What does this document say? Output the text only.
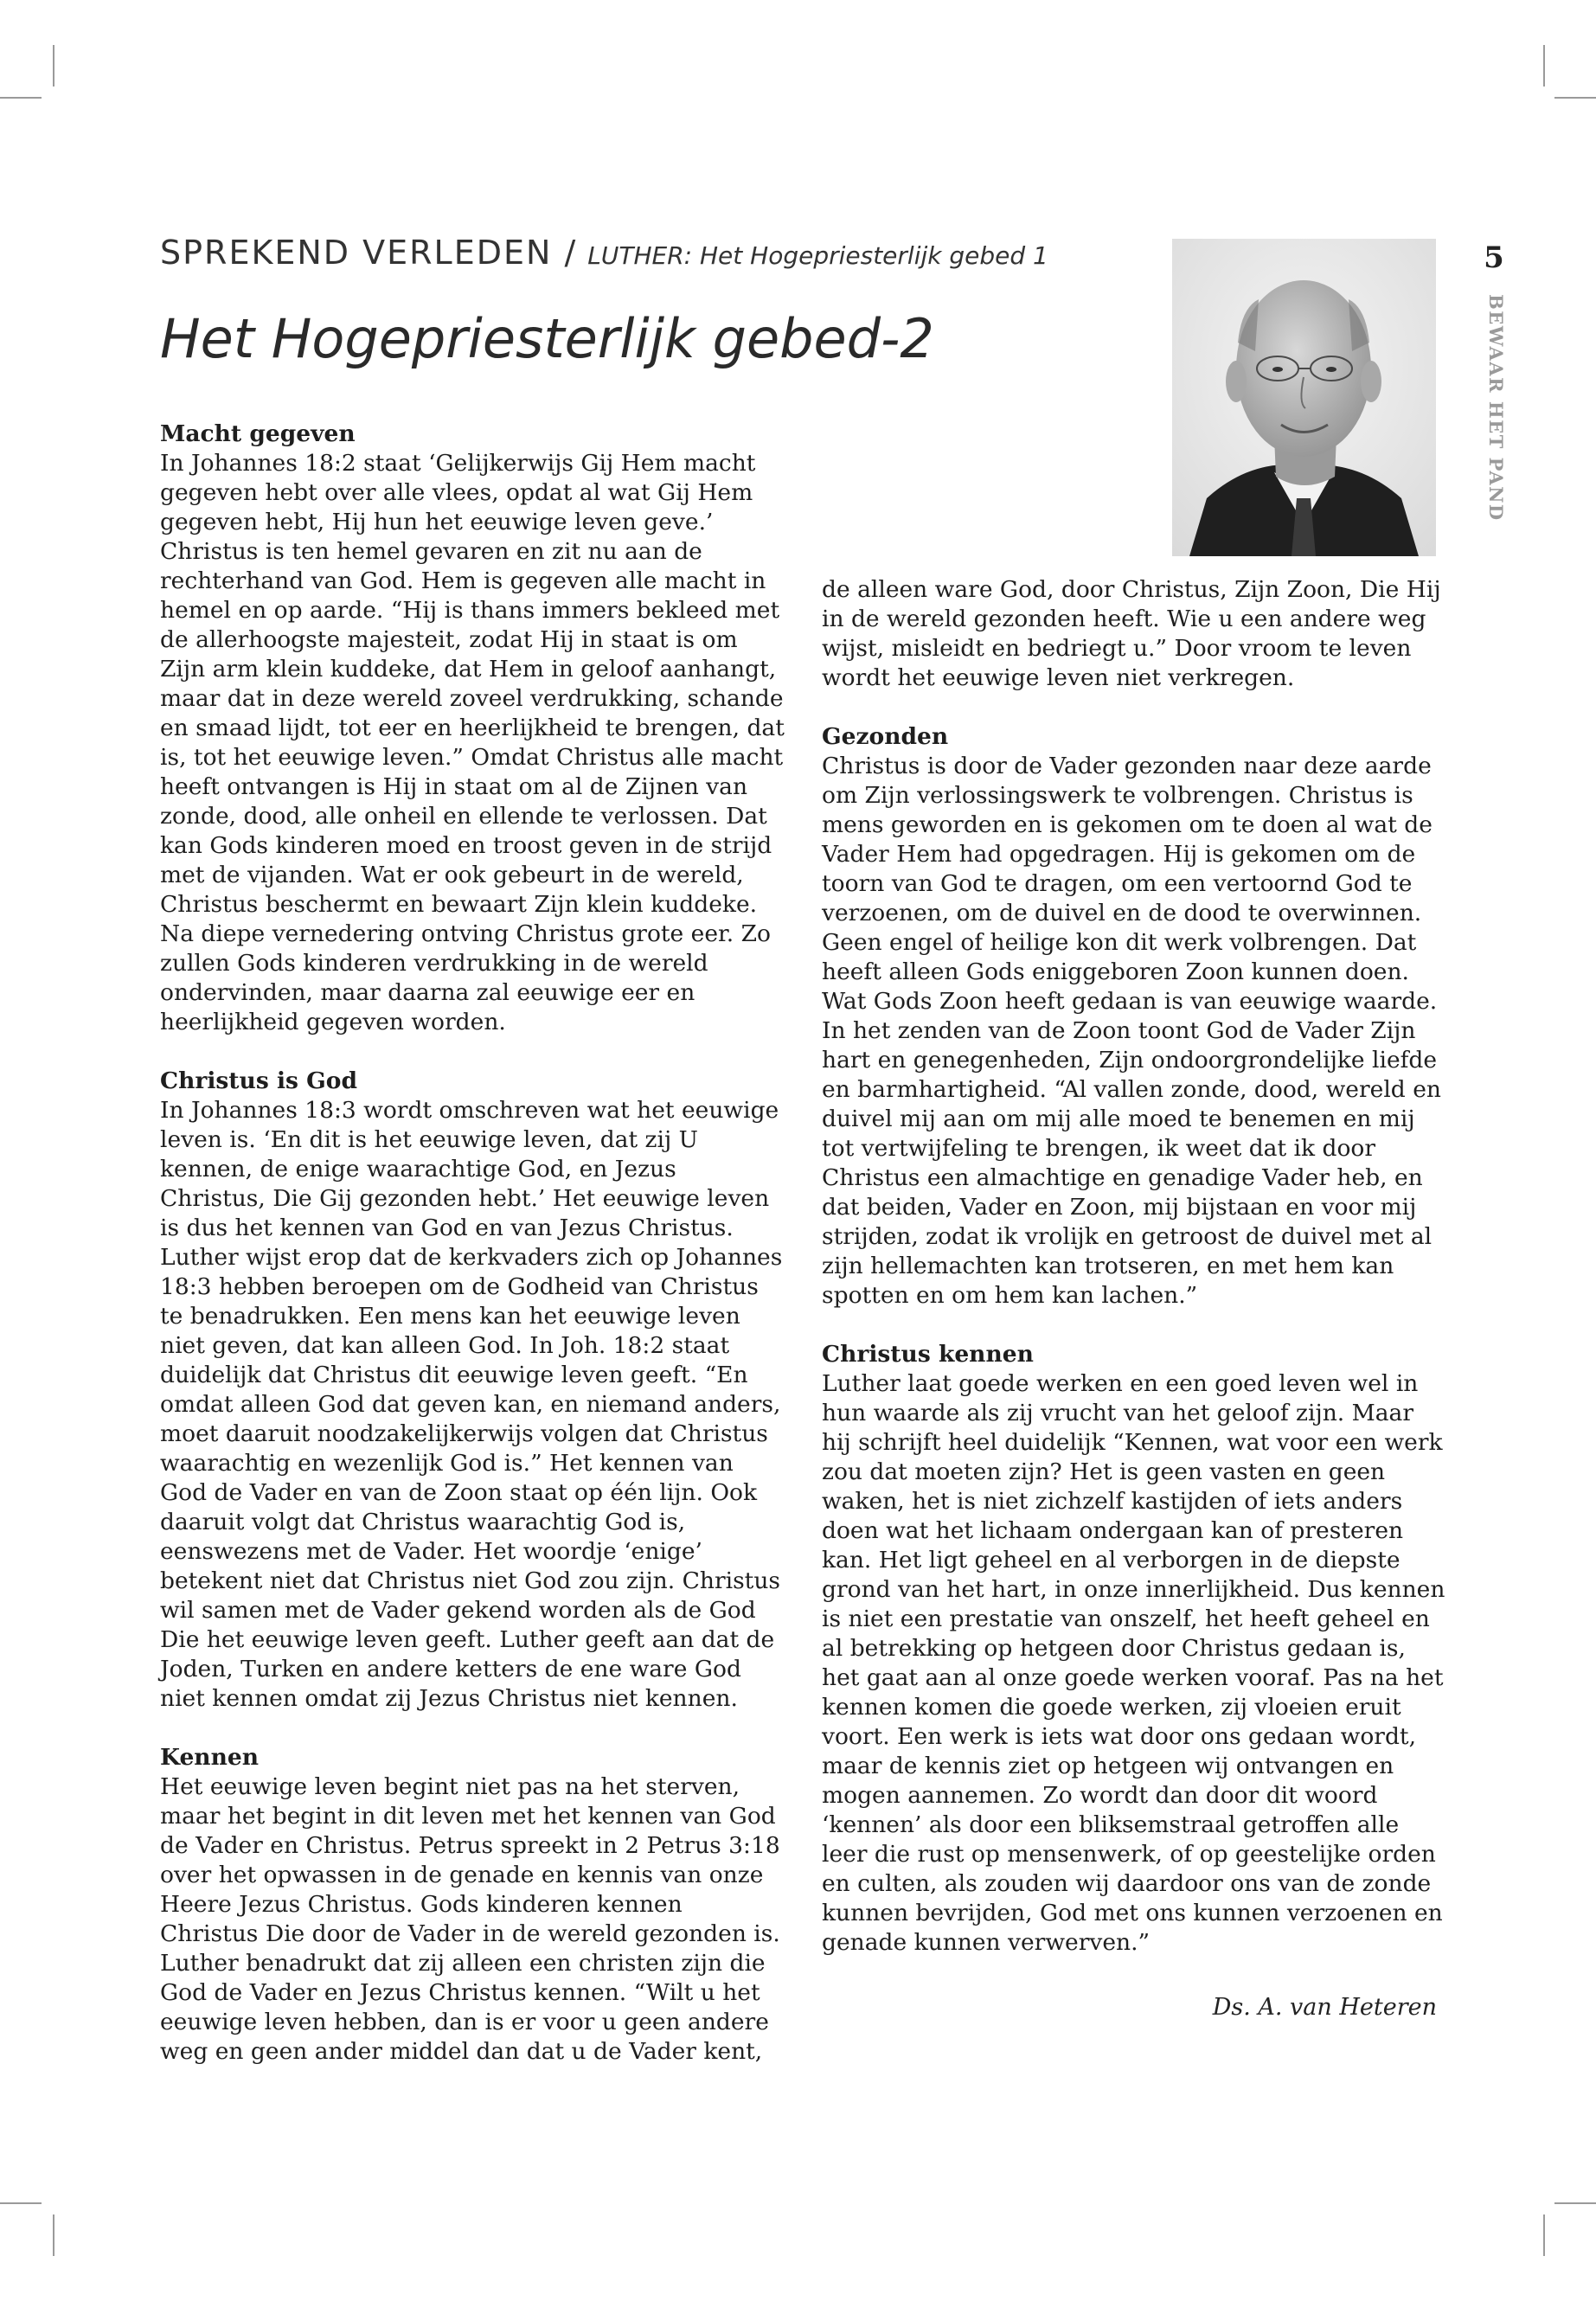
SPREKEND VERLEDEN / LUTHER: Het Hogepriesterlijk gebed 1
Het Hogepriesterlijk gebed-2
5
BEWAAR HET PAND
Macht gegeven

In Johannes 18:2 staat ‘Gelijkerwijs Gij Hem macht gegeven hebt over alle vlees, opdat al wat Gij Hem gegeven hebt, Hij hun het eeuwige leven geve.’ Christus is ten hemel gevaren en zit nu aan de rechterhand van God. Hem is gegeven alle macht in hemel en op aarde. “Hij is thans immers bekleed met de allerhoogste majesteit, zodat Hij in staat is om Zijn arm klein kuddeke, dat Hem in geloof aanhangt, maar dat in deze wereld zoveel verdrukking, schande en smaad lijdt, tot eer en heerlijkheid te brengen, dat is, tot het eeuwige leven.” Omdat Christus alle macht heeft ontvangen is Hij in staat om al de Zijnen van zonde, dood, alle onheil en ellende te verlossen. Dat kan Gods kinderen moed en troost geven in de strijd met de vijanden. Wat er ook gebeurt in de wereld, Christus beschermt en bewaart Zijn klein kuddeke. Na diepe vernedering ontving Christus grote eer. Zo zullen Gods kinderen verdrukking in de wereld ondervinden, maar daarna zal eeuwige eer en heerlijkheid gegeven worden.

Christus is God

In Johannes 18:3 wordt omschreven wat het eeuwige leven is. ‘En dit is het eeuwige leven, dat zij U kennen, de enige waarachtige God, en Jezus Christus, Die Gij gezonden hebt.’ Het eeuwige leven is dus het kennen van God en van Jezus Christus. Luther wijst erop dat de kerkvaders zich op Johannes 18:3 hebben beroepen om de Godheid van Christus te benadrukken. Een mens kan het eeuwige leven niet geven, dat kan alleen God. In Joh. 18:2 staat duidelijk dat Christus dit eeuwige leven geeft. “En omdat alleen God dat geven kan, en niemand anders, moet daaruit noodzakelijkerwijs volgen dat Christus waarachtig en wezenlijk God is.” Het kennen van God de Vader en van de Zoon staat op één lijn. Ook daaruit volgt dat Christus waarachtig God is, eenswezens met de Vader. Het woordje ‘enige’ betekent niet dat Christus niet God zou zijn. Christus wil samen met de Vader gekend worden als de God Die het eeuwige leven geeft. Luther geeft aan dat de Joden, Turken en andere ketters de ene ware God niet kennen omdat zij Jezus Christus niet kennen.

Kennen

Het eeuwige leven begint niet pas na het sterven, maar het begint in dit leven met het kennen van God de Vader en Christus. Petrus spreekt in 2 Petrus 3:18 over het opwassen in de genade en kennis van onze Heere Jezus Christus. Gods kinderen kennen Christus Die door de Vader in de wereld gezonden is. Luther benadrukt dat zij alleen een christen zijn die God de Vader en Jezus Christus kennen. “Wilt u het eeuwige leven hebben, dan is er voor u geen andere weg en geen ander middel dan dat u de Vader kent,

de alleen ware God, door Christus, Zijn Zoon, Die Hij in de wereld gezonden heeft. Wie u een andere weg wijst, misleidt en bedriegt u.” Door vroom te leven wordt het eeuwige leven niet verkregen.

Gezonden

Christus is door de Vader gezonden naar deze aarde om Zijn verlossingswerk te volbrengen. Christus is mens geworden en is gekomen om te doen al wat de Vader Hem had opgedragen. Hij is gekomen om de toorn van God te dragen, om een vertoornd God te verzoenen, om de duivel en de dood te overwinnen. Geen engel of heilige kon dit werk volbrengen. Dat heeft alleen Gods eniggeboren Zoon kunnen doen. Wat Gods Zoon heeft gedaan is van eeuwige waarde. In het zenden van de Zoon toont God de Vader Zijn hart en genegenheden, Zijn ondoorgrondelijke liefde en barmhartigheid. “Al vallen zonde, dood, wereld en duivel mij aan om mij alle moed te benemen en mij tot vertwijfeling te brengen, ik weet dat ik door Christus een almachtige en genadige Vader heb, en dat beiden, Vader en Zoon, mij bijstaan en voor mij strijden, zodat ik vrolijk en getroost de duivel met al zijn hellemachten kan trotseren, en met hem kan spotten en om hem kan lachen.”

Christus kennen

Luther laat goede werken en een goed leven wel in hun waarde als zij vrucht van het geloof zijn. Maar hij schrijft heel duidelijk “Kennen, wat voor een werk zou dat moeten zijn? Het is geen vasten en geen waken, het is niet zichzelf kastijden of iets anders doen wat het lichaam ondergaan kan of presteren kan. Het ligt geheel en al verborgen in de diepste grond van het hart, in onze innerlijkheid. Dus kennen is niet een prestatie van onszelf, het heeft geheel en al betrekking op hetgeen door Christus gedaan is, het gaat aan al onze goede werken vooraf. Pas na het kennen komen die goede werken, zij vloeien eruit voort. Een werk is iets wat door ons gedaan wordt, maar de kennis ziet op hetgeen wij ontvangen en mogen aannemen. Zo wordt dan door dit woord ‘kennen’ als door een bliksemstraal getroffen alle leer die rust op mensenwerk, of op geestelijke orden en culten, als zouden wij daardoor ons van de zonde kunnen bevrijden, God met ons kunnen verzoenen en genade kunnen verwerven.”

Ds. A. van Heteren
